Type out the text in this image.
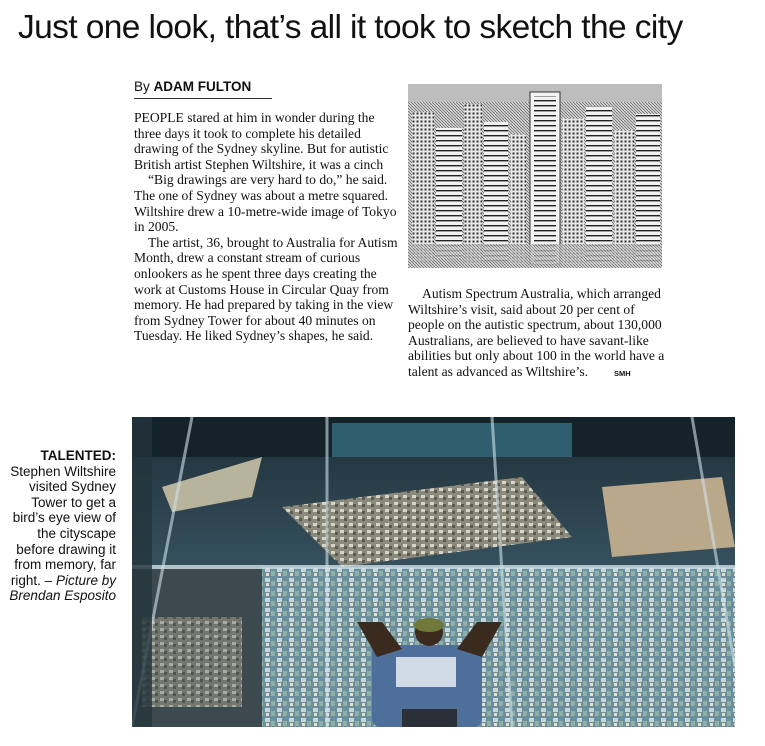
Just one look, that’s all it took to sketch the city
By ADAM FULTON

PEOPLE stared at him in wonder during the three days it took to complete his detailed drawing of the Sydney skyline. But for autistic British artist Stephen Wiltshire, it was a cinch

“Big drawings are very hard to do,” he said. The one of Sydney was about a metre squared. Wiltshire drew a 10-metre-wide image of Tokyo in 2005.

The artist, 36, brought to Australia for Autism Month, drew a constant stream of curious onlookers as he spent three days creating the work at Customs House in Circular Quay from memory. He had prepared by taking in the view from Sydney Tower for about 40 minutes on Tuesday. He liked Sydney’s shapes, he said.

Autism Spectrum Australia, which arranged Wiltshire’s visit, said about 20 per cent of people on the autistic spectrum, about 130,000 Australians, are believed to have savant-like abilities but only about 100 in the world have a talent as advanced as Wiltshire’s.	SMH

TALENTED:
Stephen Wiltshire visited Sydney Tower to get a bird’s eye view of the cityscape before drawing it from memory, far right. – Picture by Brendan Esposito
